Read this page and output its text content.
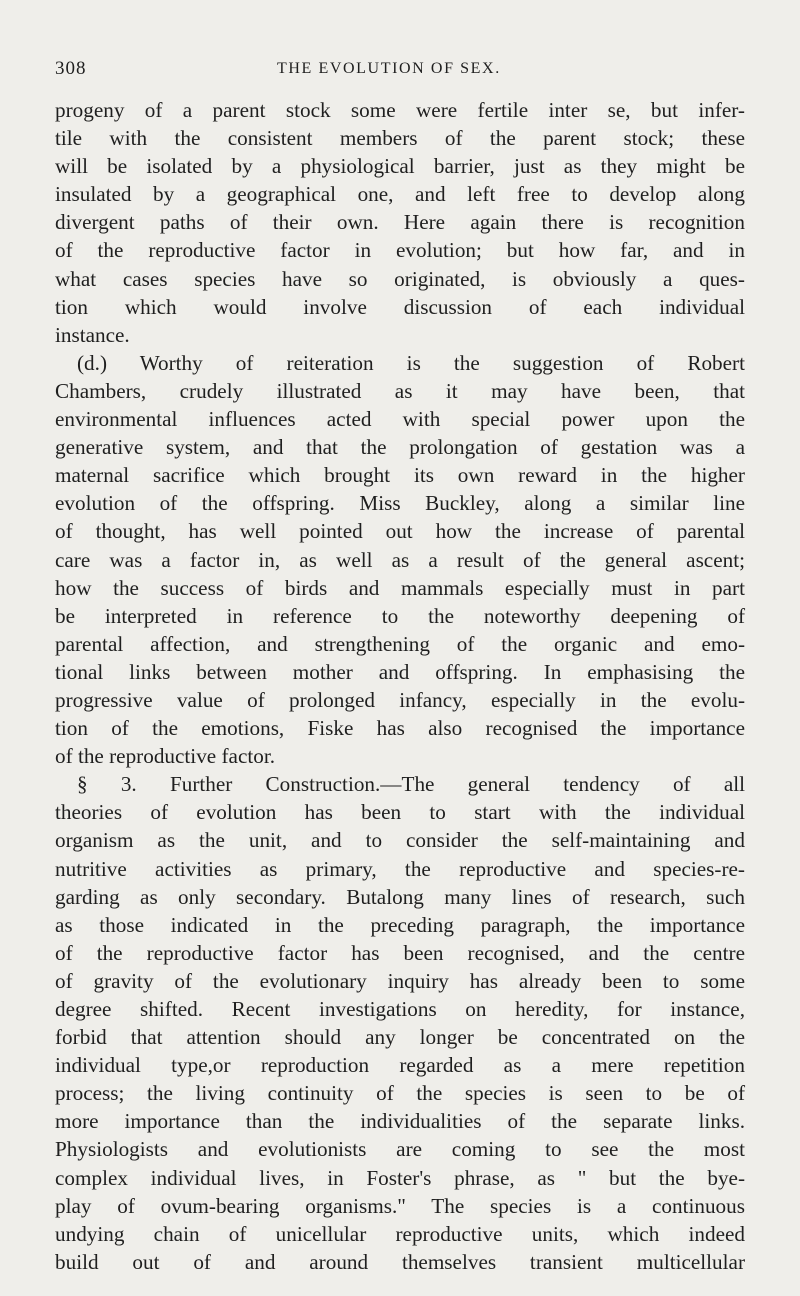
308	THE EVOLUTION OF SEX.
progeny of a parent stock some were fertile inter se, but infer-
tile with the consistent members of the parent stock; these
will be isolated by a physiological barrier, just as they might be
insulated by a geographical one, and left free to develop along
divergent paths of their own. Here again there is recognition
of the reproductive factor in evolution; but how far, and in
what cases species have so originated, is obviously a ques-
tion which would involve discussion of each individual
instance.
(d.) Worthy of reiteration is the suggestion of Robert
Chambers, crudely illustrated as it may have been, that
environmental influences acted with special power upon the
generative system, and that the prolongation of gestation was a
maternal sacrifice which brought its own reward in the higher
evolution of the offspring. Miss Buckley, along a similar line
of thought, has well pointed out how the increase of parental
care was a factor in, as well as a result of the general ascent;
how the success of birds and mammals especially must in part
be interpreted in reference to the noteworthy deepening of
parental affection, and strengthening of the organic and emo-
tional links between mother and offspring. In emphasising the
progressive value of prolonged infancy, especially in the evolu-
tion of the emotions, Fiske has also recognised the importance
of the reproductive factor.
§ 3. Further Construction.—The general tendency of all
theories of evolution has been to start with the individual
organism as the unit, and to consider the self-maintaining and
nutritive activities as primary, the reproductive and species-re-
garding as only secondary. Butalong many lines of research, such
as those indicated in the preceding paragraph, the importance
of the reproductive factor has been recognised, and the centre
of gravity of the evolutionary inquiry has already been to some
degree shifted. Recent investigations on heredity, for instance,
forbid that attention should any longer be concentrated on the
individual type,or reproduction regarded as a mere repetition
process; the living continuity of the species is seen to be of
more importance than the individualities of the separate links.
Physiologists and evolutionists are coming to see the most
complex individual lives, in Foster's phrase, as " but the bye-
play of ovum-bearing organisms." The species is a continuous
undying chain of unicellular reproductive units, which indeed
build out of and around themselves transient multicellular
